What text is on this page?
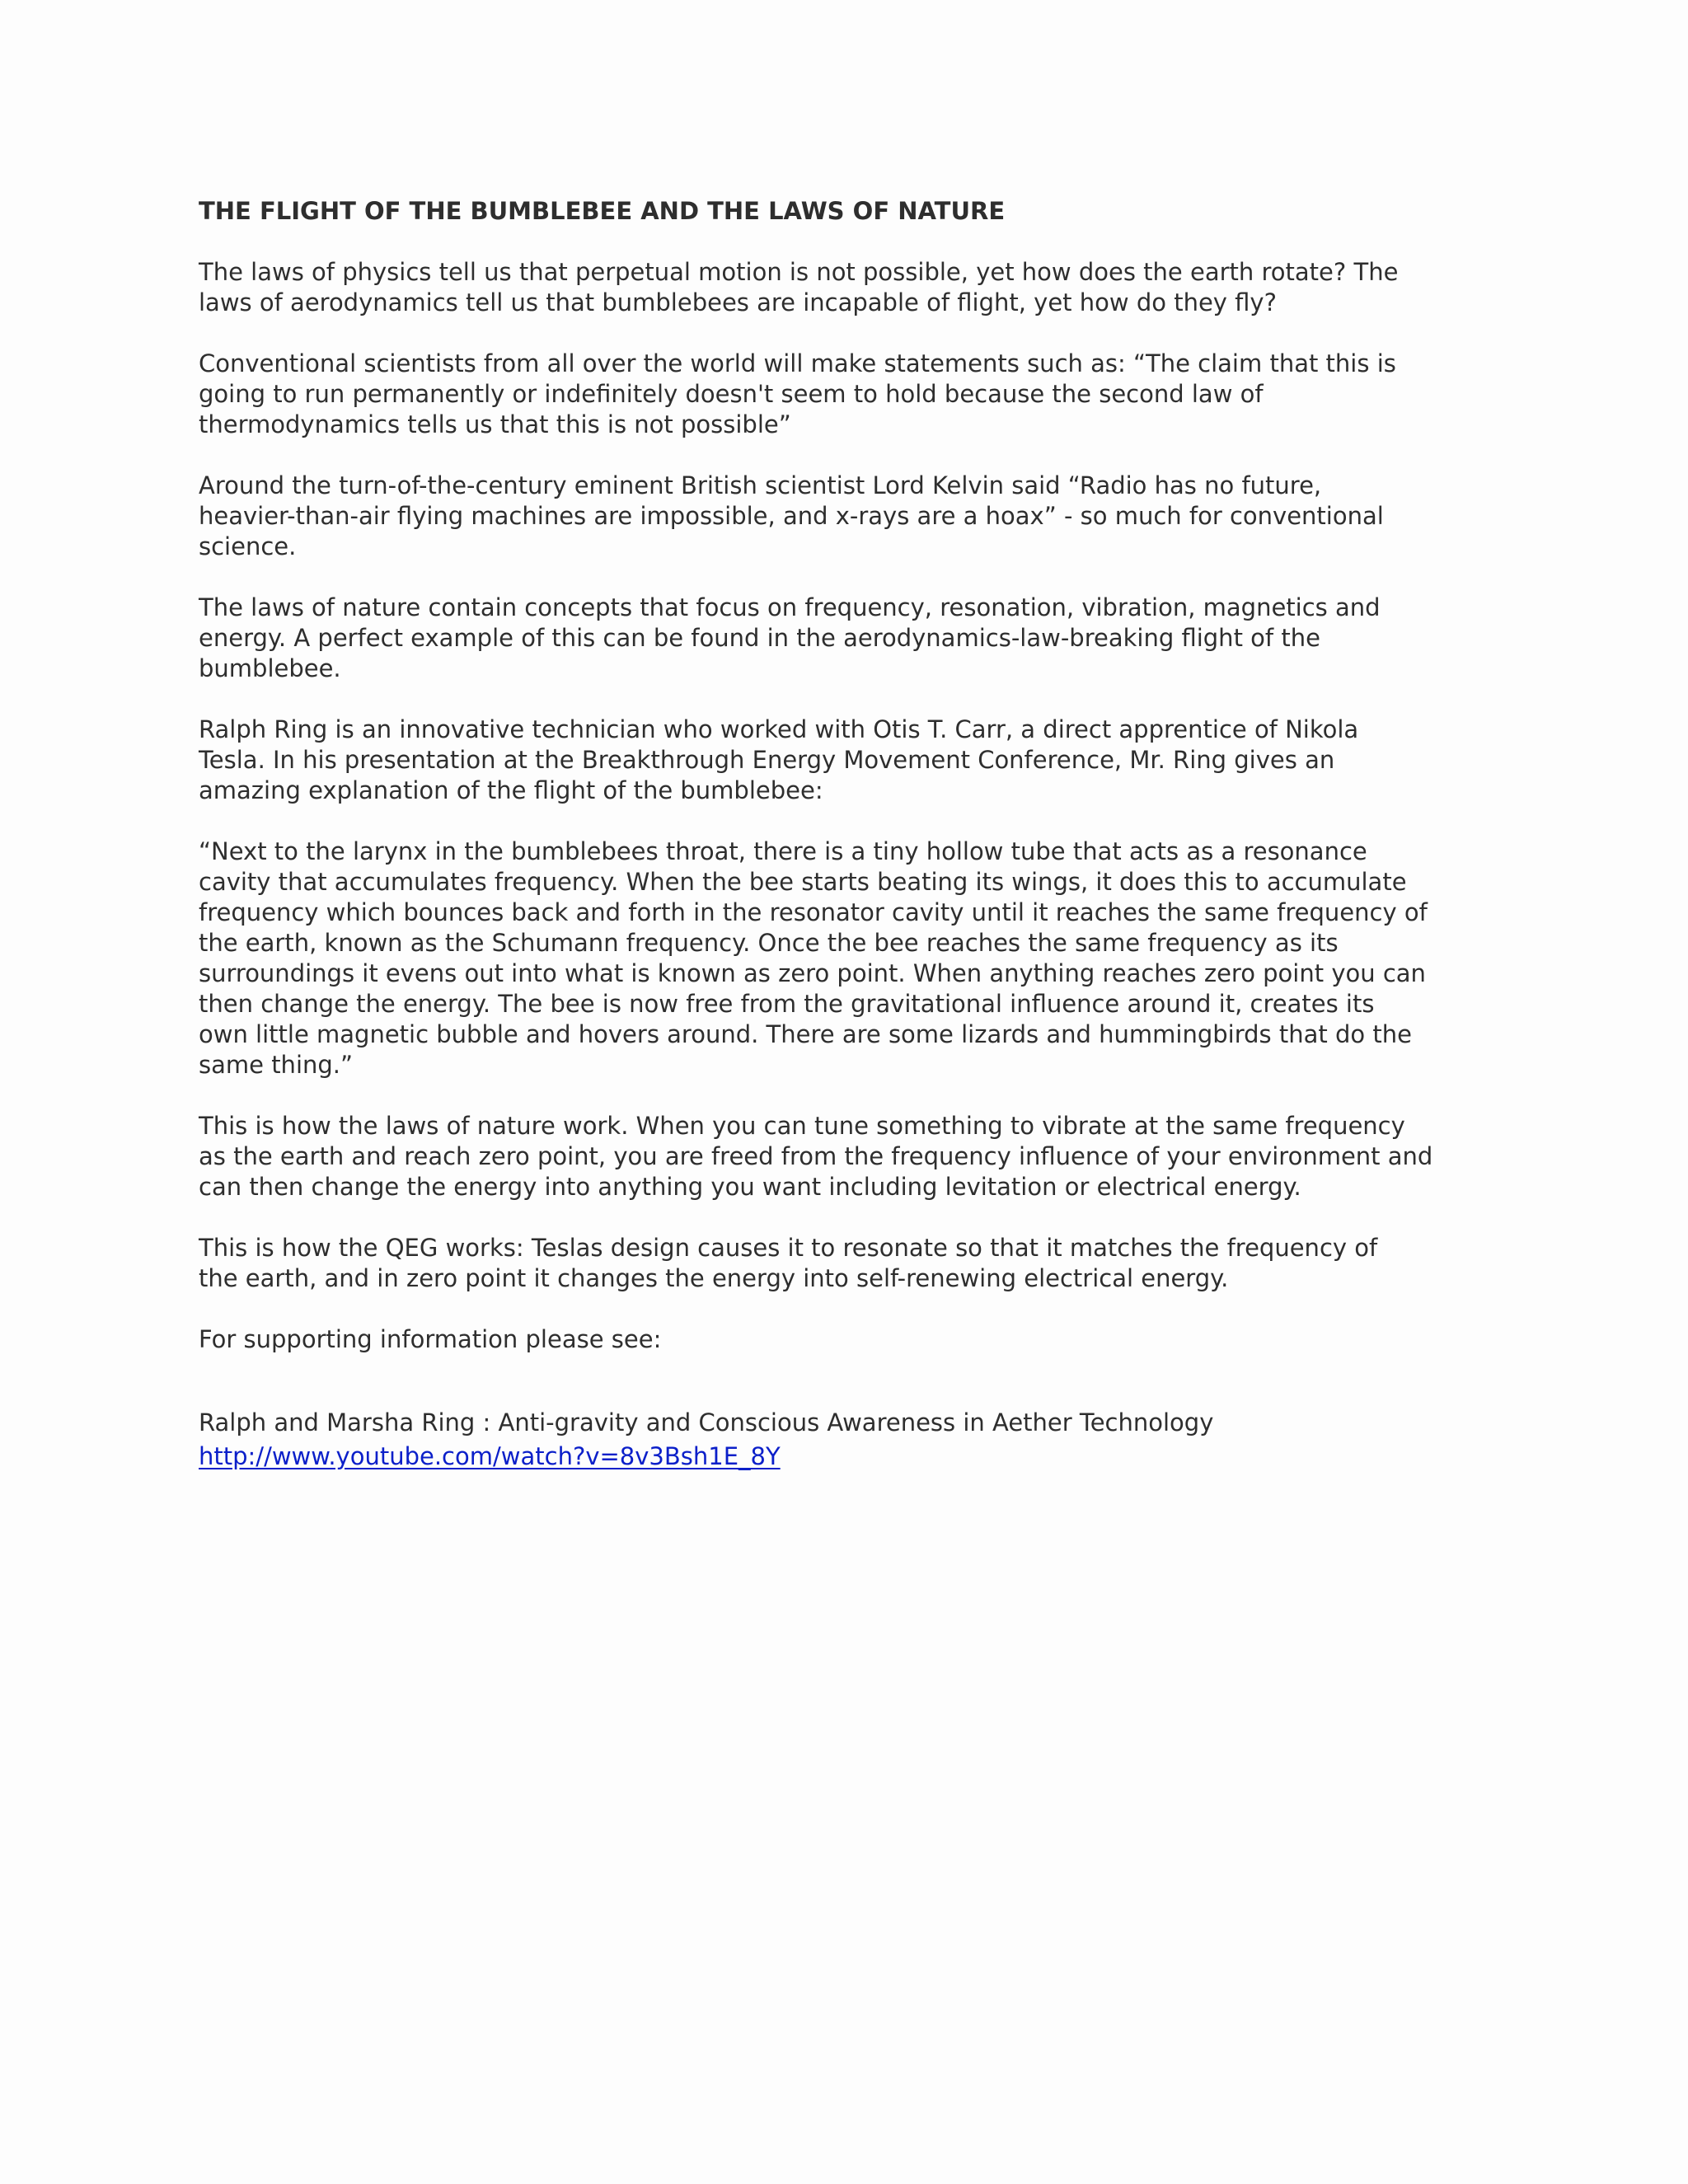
THE FLIGHT OF THE BUMBLEBEE AND THE LAWS OF NATURE
The laws of physics tell us that perpetual motion is not possible, yet how does the earth rotate? The
laws of aerodynamics tell us that bumblebees are incapable of flight, yet how do they fly?
Conventional scientists from all over the world will make statements such as: “The claim that this is
going to run permanently or indefinitely doesn't seem to hold because the second law of
thermodynamics tells us that this is not possible”
Around the turn-of-the-century eminent British scientist Lord Kelvin said “Radio has no future,
heavier-than-air flying machines are impossible, and x-rays are a hoax” - so much for conventional
science.
The laws of nature contain concepts that focus on frequency, resonation, vibration, magnetics and
energy. A perfect example of this can be found in the aerodynamics-law-breaking flight of the
bumblebee.
Ralph Ring is an innovative technician who worked with Otis T. Carr, a direct apprentice of Nikola
Tesla. In his presentation at the Breakthrough Energy Movement Conference, Mr. Ring gives an
amazing explanation of the flight of the bumblebee:
“Next to the larynx in the bumblebees throat, there is a tiny hollow tube that acts as a resonance
cavity that accumulates frequency. When the bee starts beating its wings, it does this to accumulate
frequency which bounces back and forth in the resonator cavity until it reaches the same frequency of
the earth, known as the Schumann frequency. Once the bee reaches the same frequency as its
surroundings it evens out into what is known as zero point. When anything reaches zero point you can
then change the energy. The bee is now free from the gravitational influence around it, creates its
own little magnetic bubble and hovers around. There are some lizards and hummingbirds that do the
same thing.”
This is how the laws of nature work. When you can tune something to vibrate at the same frequency
as the earth and reach zero point, you are freed from the frequency influence of your environment and
can then change the energy into anything you want including levitation or electrical energy.
This is how the QEG works: Teslas design causes it to resonate so that it matches the frequency of
the earth, and in zero point it changes the energy into self-renewing electrical energy.
For supporting information please see:
Ralph and Marsha Ring : Anti-gravity and Conscious Awareness in Aether Technology
http://www.youtube.com/watch?v=8v3Bsh1E_8Y
